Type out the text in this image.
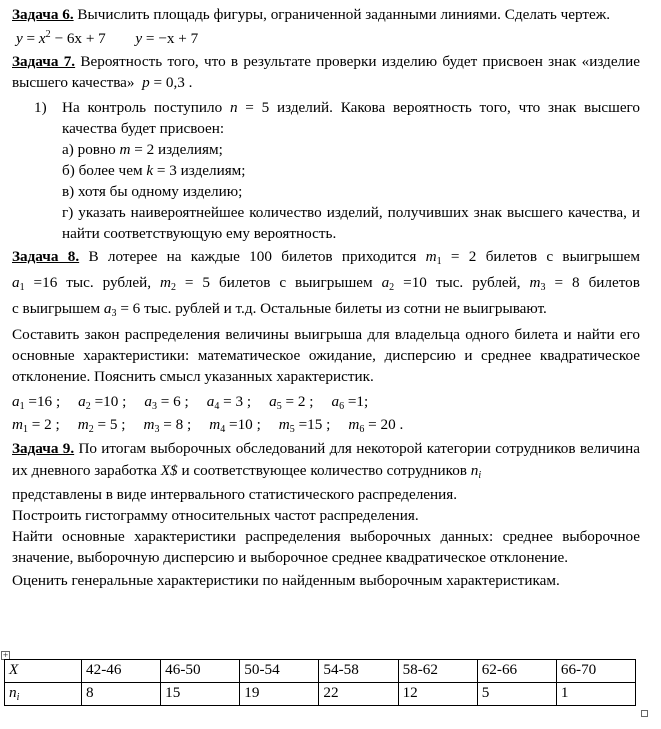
Задача 6. Вычислить площадь фигуры, ограниченной заданными линиями. Сделать чертеж.

$y = x^2 - 6x + 7$ y = −x + 7

Задача 7. Вероятность того, что в результате проверки изделию будет присвоен знак «изделие высшего качества» p = 0,3 .

1) На контроль поступило n = 5 изделий. Какова вероятность того, что знак высшего качества будет присвоен:

а) ровно m = 2 изделиям;

б) более чем k = 3 изделиям;

в) хотя бы одному изделию;

г) указать наивероятнейшее количество изделий, получивших знак высшего качества, и найти соответствующую ему вероятность.

Задача 8. В лотерее на каждые 100 билетов приходится $m_1 = 2$ билетов с выигрышем

$a_1 =16$ тыс. рублей, $m_2 = 5$ билетов с выигрышем $a_2 =10$ тыс. рублей, $m_3 = 8$ билетов

с выигрышем $a_3 = 6$ тыс. рублей и т.д. Остальные билеты из сотни не выигрывают.

Составить закон распределения величины выигрыша для владельца одного билета и найти его основные характеристики: математическое ожидание, дисперсию и среднее квадратическое отклонение. Пояснить смысл указанных характеристик.

$a_1 =16$ ; $a_2 =10$ ; $a_3 = 6$ ; $a_4 = 3$ ; $a_5 = 2$ ; $a_6 =1$;

$m_1 = 2$ ; $m_2 = 5$ ; $m_3 = 8$ ; $m_4 =10$ ; $m_5 =15$ ; $m_6 = 20$ .

Задача 9. По итогам выборочных обследований для некоторой категории сотрудников величина их дневного заработка X$ и соответствующее количество сотрудников $n_i$

представлены в виде интервального статистического распределения.

Построить гистограмму относительных частот распределения.

Найти основные характеристики распределения выборочных данных: среднее выборочное значение, выборочную дисперсию и выборочное среднее квадратическое отклонение.

Оценить генеральные характеристики по найденным выборочным характеристикам.

+
X	42-46	46-50	50-54	54-58	58-62	62-66	66-70
$n_i$	8	15	19	22	12	5	1
